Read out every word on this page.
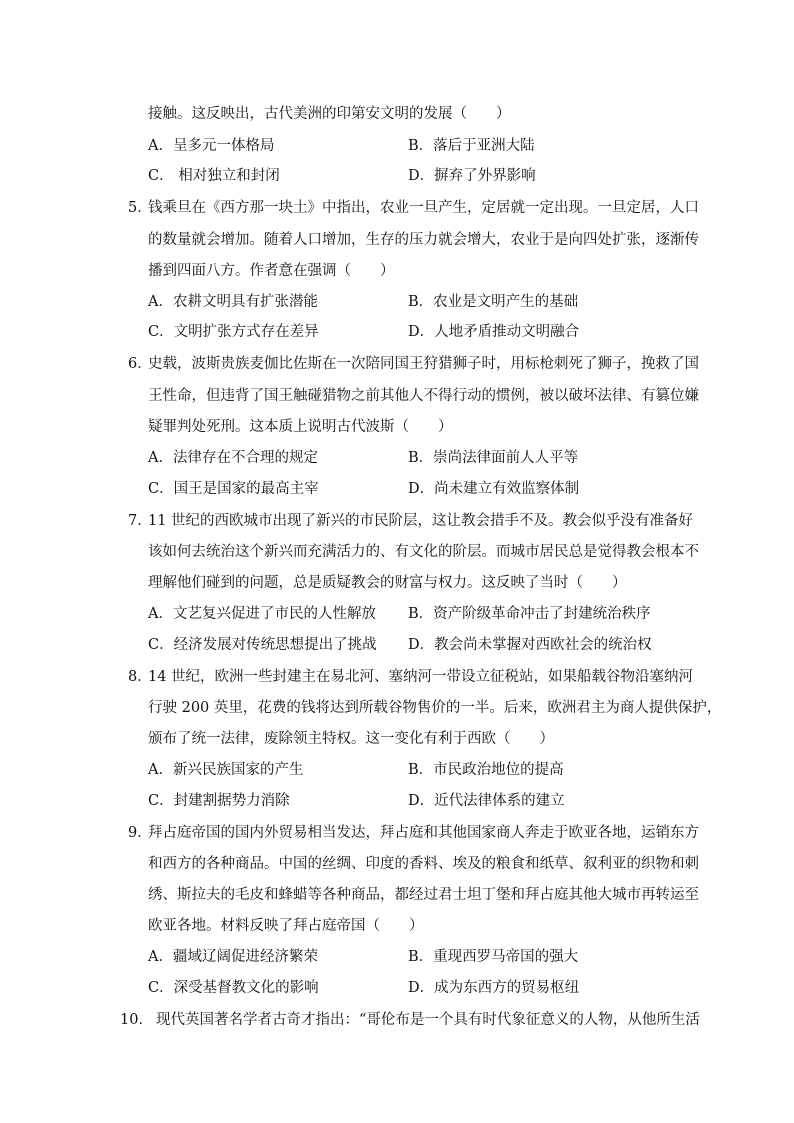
接触。这反映出，古代美洲的印第安文明的发展（　　）
A．呈多元一体格局	B．落后于亚洲大陆
C． 相对独立和封闭	D．摒弃了外界影响
5．
钱乘旦在《西方那一块土》中指出，农业一旦产生，定居就一定出现。一旦定居，人口
的数量就会增加。随着人口增加，生存的压力就会增大，农业于是向四处扩张，逐渐传
播到四面八方。作者意在强调（　　）
A．农耕文明具有扩张潜能	B．农业是文明产生的基础
C．文明扩张方式存在差异	D．人地矛盾推动文明融合
6．
史载，波斯贵族麦伽比佐斯在一次陪同国王狩猎狮子时，用标枪刺死了狮子，挽救了国
王性命，但违背了国王触碰猎物之前其他人不得行动的惯例，被以破坏法律、有篡位嫌
疑罪判处死刑。这本质上说明古代波斯（　　）
A．法律存在不合理的规定	B．崇尚法律面前人人平等
C．国王是国家的最高主宰	D．尚未建立有效监察体制
7．
11 世纪的西欧城市出现了新兴的市民阶层，这让教会措手不及。教会似乎没有准备好
该如何去统治这个新兴而充满活力的、有文化的阶层。而城市居民总是觉得教会根本不
理解他们碰到的问题，总是质疑教会的财富与权力。这反映了当时（　　）
A．文艺复兴促进了市民的人性解放 B．资产阶级革命冲击了封建统治秩序
C．经济发展对传统思想提出了挑战 D．教会尚未掌握对西欧社会的统治权
8．
14 世纪，欧洲一些封建主在易北河、塞纳河一带设立征税站，如果船载谷物沿塞纳河
行驶 200 英里，花费的钱将达到所载谷物售价的一半。后来，欧洲君主为商人提供保护，
颁布了统一法律，废除领主特权。这一变化有利于西欧（　　）
A．新兴民族国家的产生	B．市民政治地位的提高
C．封建割据势力消除	D．近代法律体系的建立
9．
拜占庭帝国的国内外贸易相当发达，拜占庭和其他国家商人奔走于欧亚各地，运销东方
和西方的各种商品。中国的丝绸、印度的香料、埃及的粮食和纸草、叙利亚的织物和刺
绣、斯拉夫的毛皮和蜂蜡等各种商品，都经过君士坦丁堡和拜占庭其他大城市再转运至
欧亚各地。材料反映了拜占庭帝国（　　）
A．疆域辽阔促进经济繁荣	B．重现西罗马帝国的强大
C．深受基督教文化的影响	D．成为东西方的贸易枢纽
10． 现代英国著名学者古奇才指出：“哥伦布是一个具有时代象征意义的人物，从他所生活
